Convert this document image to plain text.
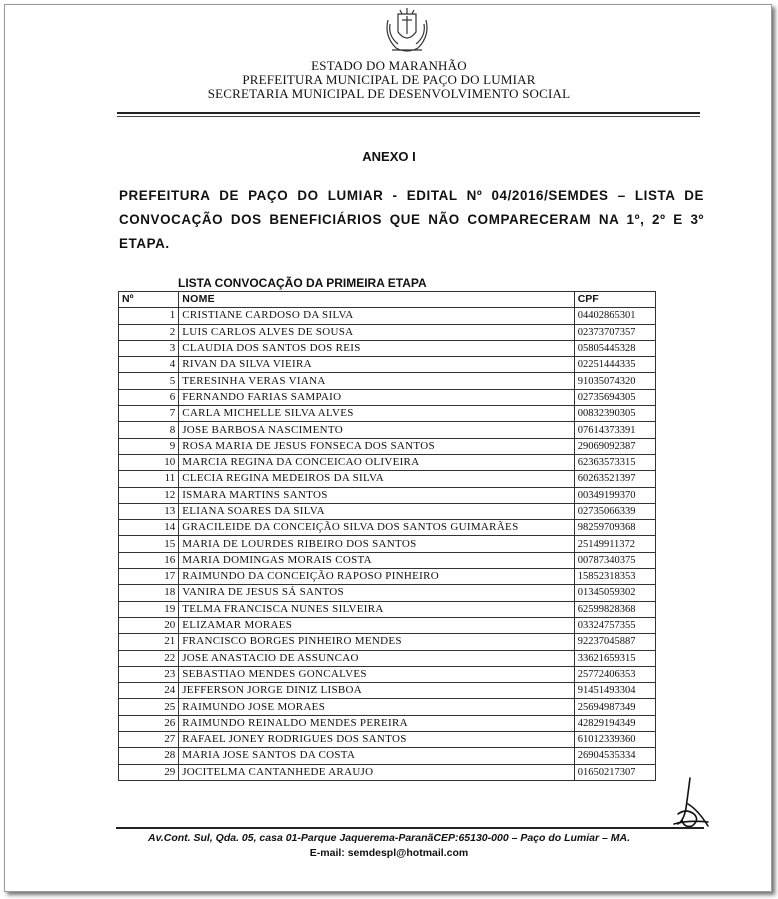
ESTADO DO MARANHÃO
PREFEITURA MUNICIPAL DE PAÇO DO LUMIAR
SECRETARIA MUNICIPAL DE DESENVOLVIMENTO SOCIAL
ANEXO I
PREFEITURA DE PAÇO DO LUMIAR - EDITAL Nº 04/2016/SEMDES – LISTA DE CONVOCAÇÃO DOS BENEFICIÁRIOS QUE NÃO COMPARECERAM NA 1º, 2º E 3º ETAPA.
LISTA CONVOCAÇÃO DA PRIMEIRA ETAPA
Nº	NOME	CPF
1	CRISTIANE CARDOSO DA SILVA	04402865301
2	LUIS CARLOS ALVES DE SOUSA	02373707357
3	CLAUDIA DOS SANTOS DOS REIS	05805445328
4	RIVAN DA SILVA VIEIRA	02251444335
5	TERESINHA VERAS VIANA	91035074320
6	FERNANDO FARIAS SAMPAIO	02735694305
7	CARLA MICHELLE SILVA ALVES	00832390305
8	JOSE BARBOSA NASCIMENTO	07614373391
9	ROSA MARIA DE JESUS FONSECA DOS SANTOS	29069092387
10	MARCIA REGINA DA CONCEICAO OLIVEIRA	62363573315
11	CLECIA REGINA MEDEIROS DA SILVA	60263521397
12	ISMARA MARTINS SANTOS	00349199370
13	ELIANA SOARES DA SILVA	02735066339
14	GRACILEIDE DA CONCEIÇÃO SILVA DOS SANTOS GUIMARÃES	98259709368
15	MARIA DE LOURDES RIBEIRO DOS SANTOS	25149911372
16	MARIA DOMINGAS MORAIS COSTA	00787340375
17	RAIMUNDO DA CONCEIÇÃO RAPOSO PINHEIRO	15852318353
18	VANIRA DE JESUS SÁ SANTOS	01345059302
19	TELMA FRANCISCA NUNES SILVEIRA	62599828368
20	ELIZAMAR MORAES	03324757355
21	FRANCISCO BORGES PINHEIRO MENDES	92237045887
22	JOSE ANASTACIO DE ASSUNCAO	33621659315
23	SEBASTIAO MENDES GONCALVES	25772406353
24	JEFFERSON JORGE DINIZ LISBOA	91451493304
25	RAIMUNDO JOSE MORAES	25694987349
26	RAIMUNDO REINALDO MENDES PEREIRA	42829194349
27	RAFAEL JONEY RODRIGUES DOS SANTOS	61012339360
28	MARIA JOSE SANTOS DA COSTA	26904535334
29	JOCITELMA CANTANHEDE ARAUJO	01650217307
Av.Cont. Sul, Qda. 05, casa 01-Parque Jaquerema-ParanãCEP:65130-000 – Paço do Lumiar – MA.
E-mail: semdespl@hotmail.com
